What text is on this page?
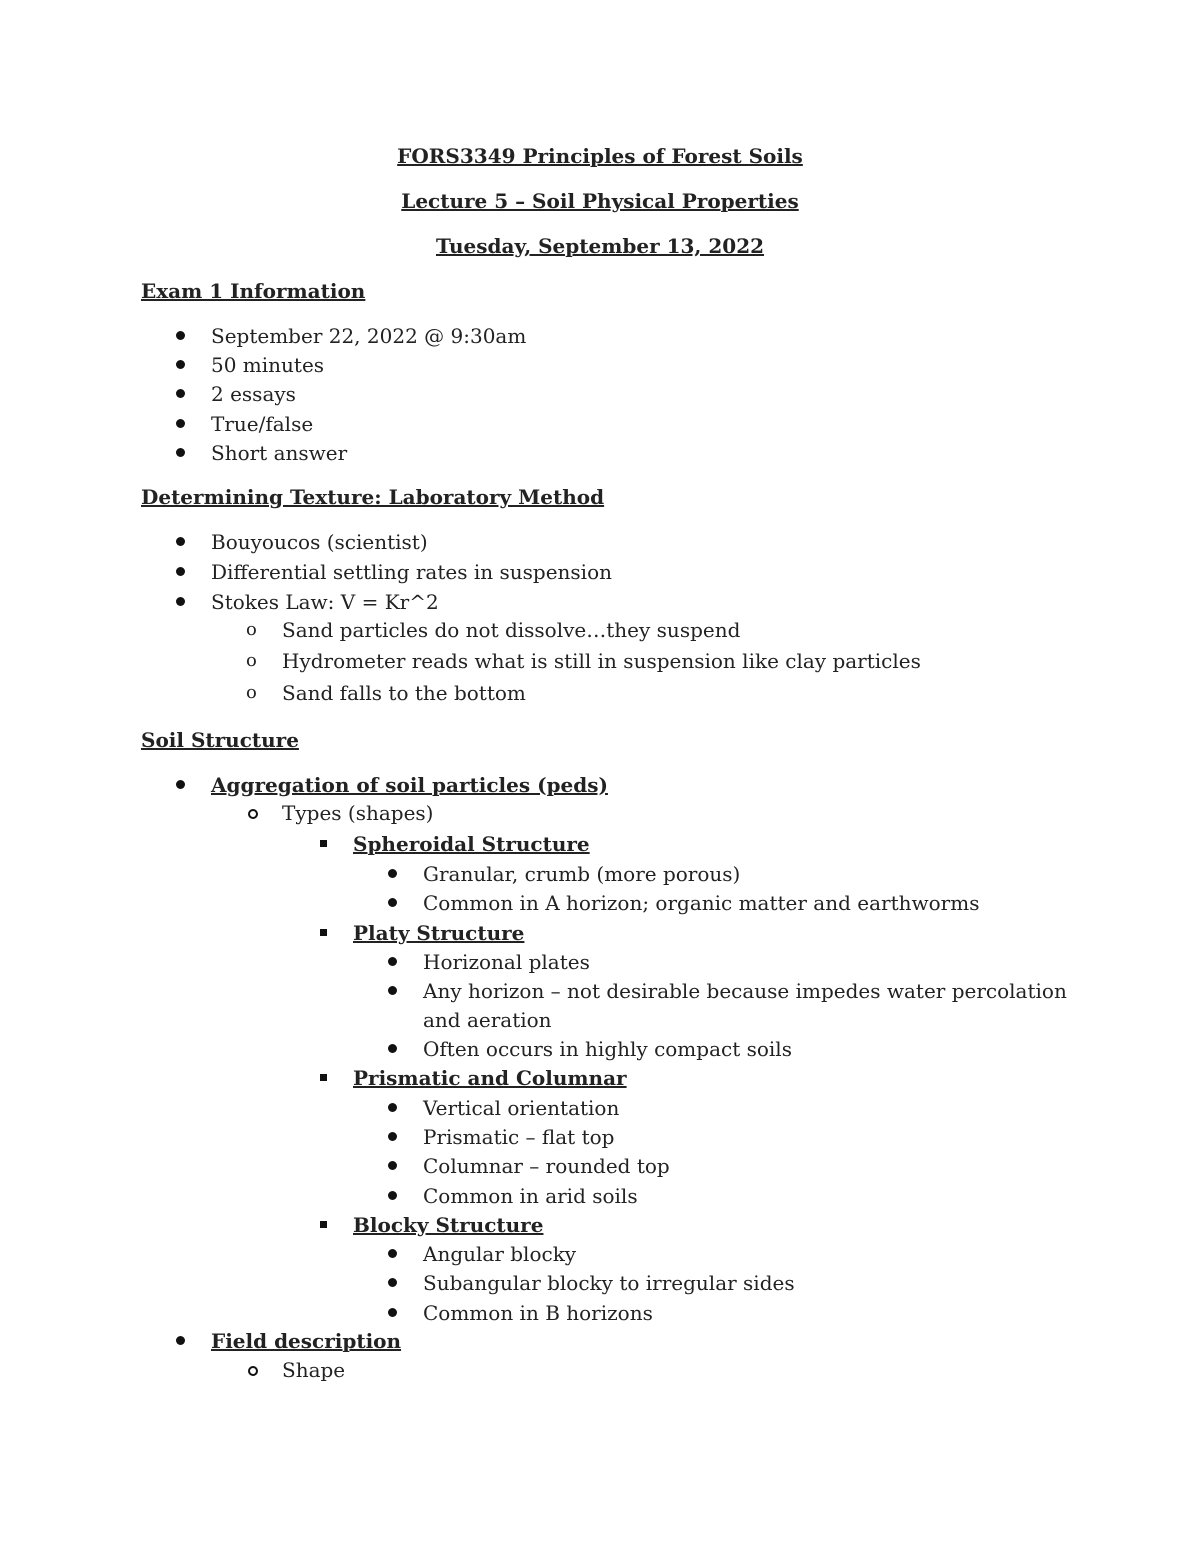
FORS3349 Principles of Forest Soils
Lecture 5 – Soil Physical Properties
Tuesday, September 13, 2022
Exam 1 Information
September 22, 2022 @ 9:30am
50 minutes
2 essays
True/false
Short answer
Determining Texture: Laboratory Method
Bouyoucos (scientist)
Differential settling rates in suspension
Stokes Law: V = Kr^2
o Sand particles do not dissolve…they suspend
o Hydrometer reads what is still in suspension like clay particles
o Sand falls to the bottom
Soil Structure
Aggregation of soil particles (peds)
Types (shapes)
Spheroidal Structure
Granular, crumb (more porous)
Common in A horizon; organic matter and earthworms
Platy Structure
Horizonal plates
Any horizon – not desirable because impedes water percolation
and aeration
Often occurs in highly compact soils
Prismatic and Columnar
Vertical orientation
Prismatic – flat top
Columnar – rounded top
Common in arid soils
Blocky Structure
Angular blocky
Subangular blocky to irregular sides
Common in B horizons
Field description
Shape
